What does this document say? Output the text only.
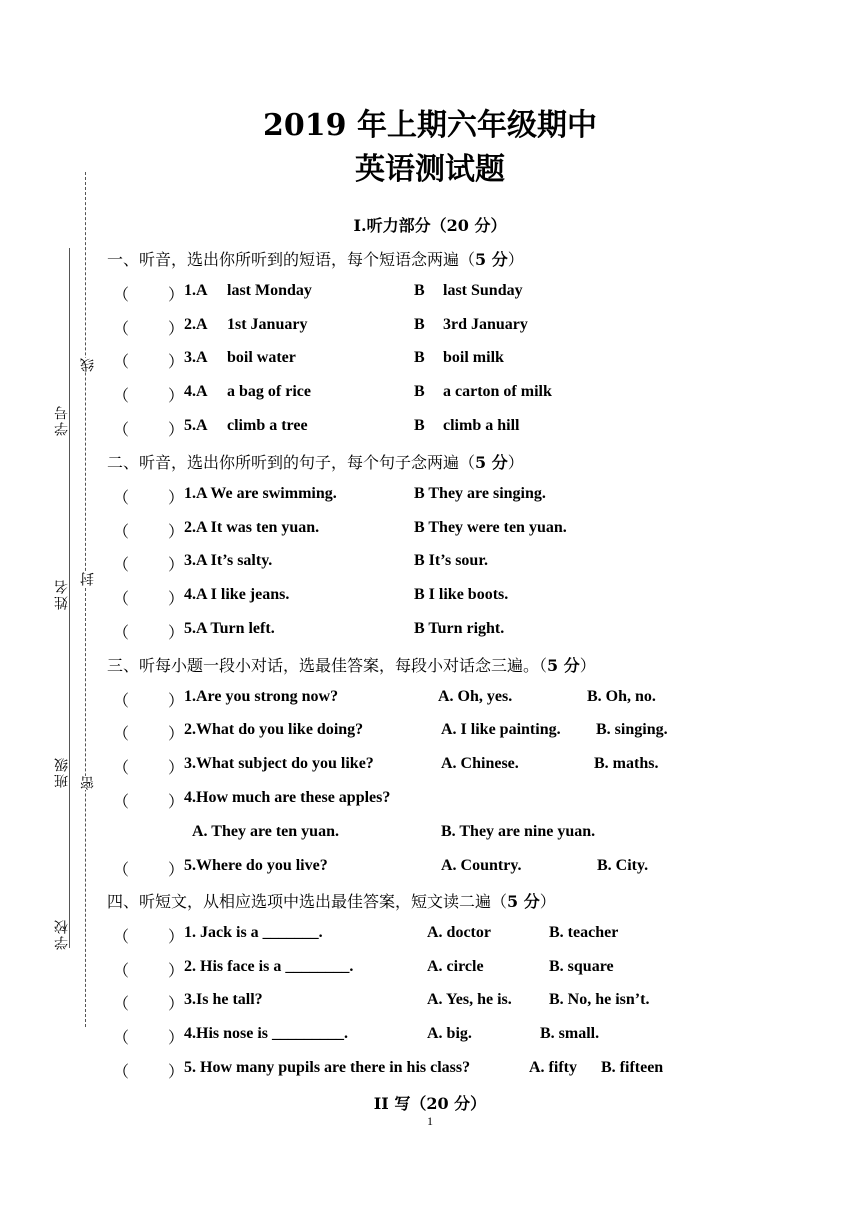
学号
姓名
班级
学校
线
封
密
2019 年上期六年级期中
英语测试题
I.听力部分（20 分）
一、听音，选出你所听到的短语，每个短语念两遍（5 分）
（ ） 1.A last Monday	B last Sunday
（ ） 2.A 1st January	B 3rd January
（ ） 3.A boil water	B boil milk
（ ） 4.A a bag of rice	B a carton of milk
（ ） 5.A climb a tree	B climb a hill
二、听音，选出你所听到的句子，每个句子念两遍（5 分）
（ ） 1.A We are swimming.	B They are singing.
（ ） 2.A It was ten yuan.	B They were ten yuan.
（ ） 3.A It’s salty.	B It’s sour.
（ ） 4.A I like jeans.	B I like boots.
（ ） 5.A Turn left.	B Turn right.
三、听每小题一段小对话，选最佳答案，每段小对话念三遍。（5 分）
（ ） 1.Are you strong now?	A. Oh, yes.	B. Oh, no.
（ ） 2.What do you like doing?	A. I like painting. B. singing.
（ ） 3.What subject do you like?	A. Chinese.	B. maths.
（ ） 4.How much are these apples?
A. They are ten yuan.	B. They are nine yuan.
（ ） 5.Where do you live?	A. Country.	B. City.
四、听短文，从相应选项中选出最佳答案，短文读二遍（5 分）
（ ） 1. Jack is a _______.	A. doctor	B. teacher
（ ） 2. His face is a ________.	A. circle	B. square
（ ） 3.Is he tall?	A. Yes, he is. B. No, he isn’t.
（ ） 4.His nose is _________.	A. big.	B. small.
（ ） 5. How many pupils are there in his class?	A. fifty B. fifteen
II 写（20 分）
1
